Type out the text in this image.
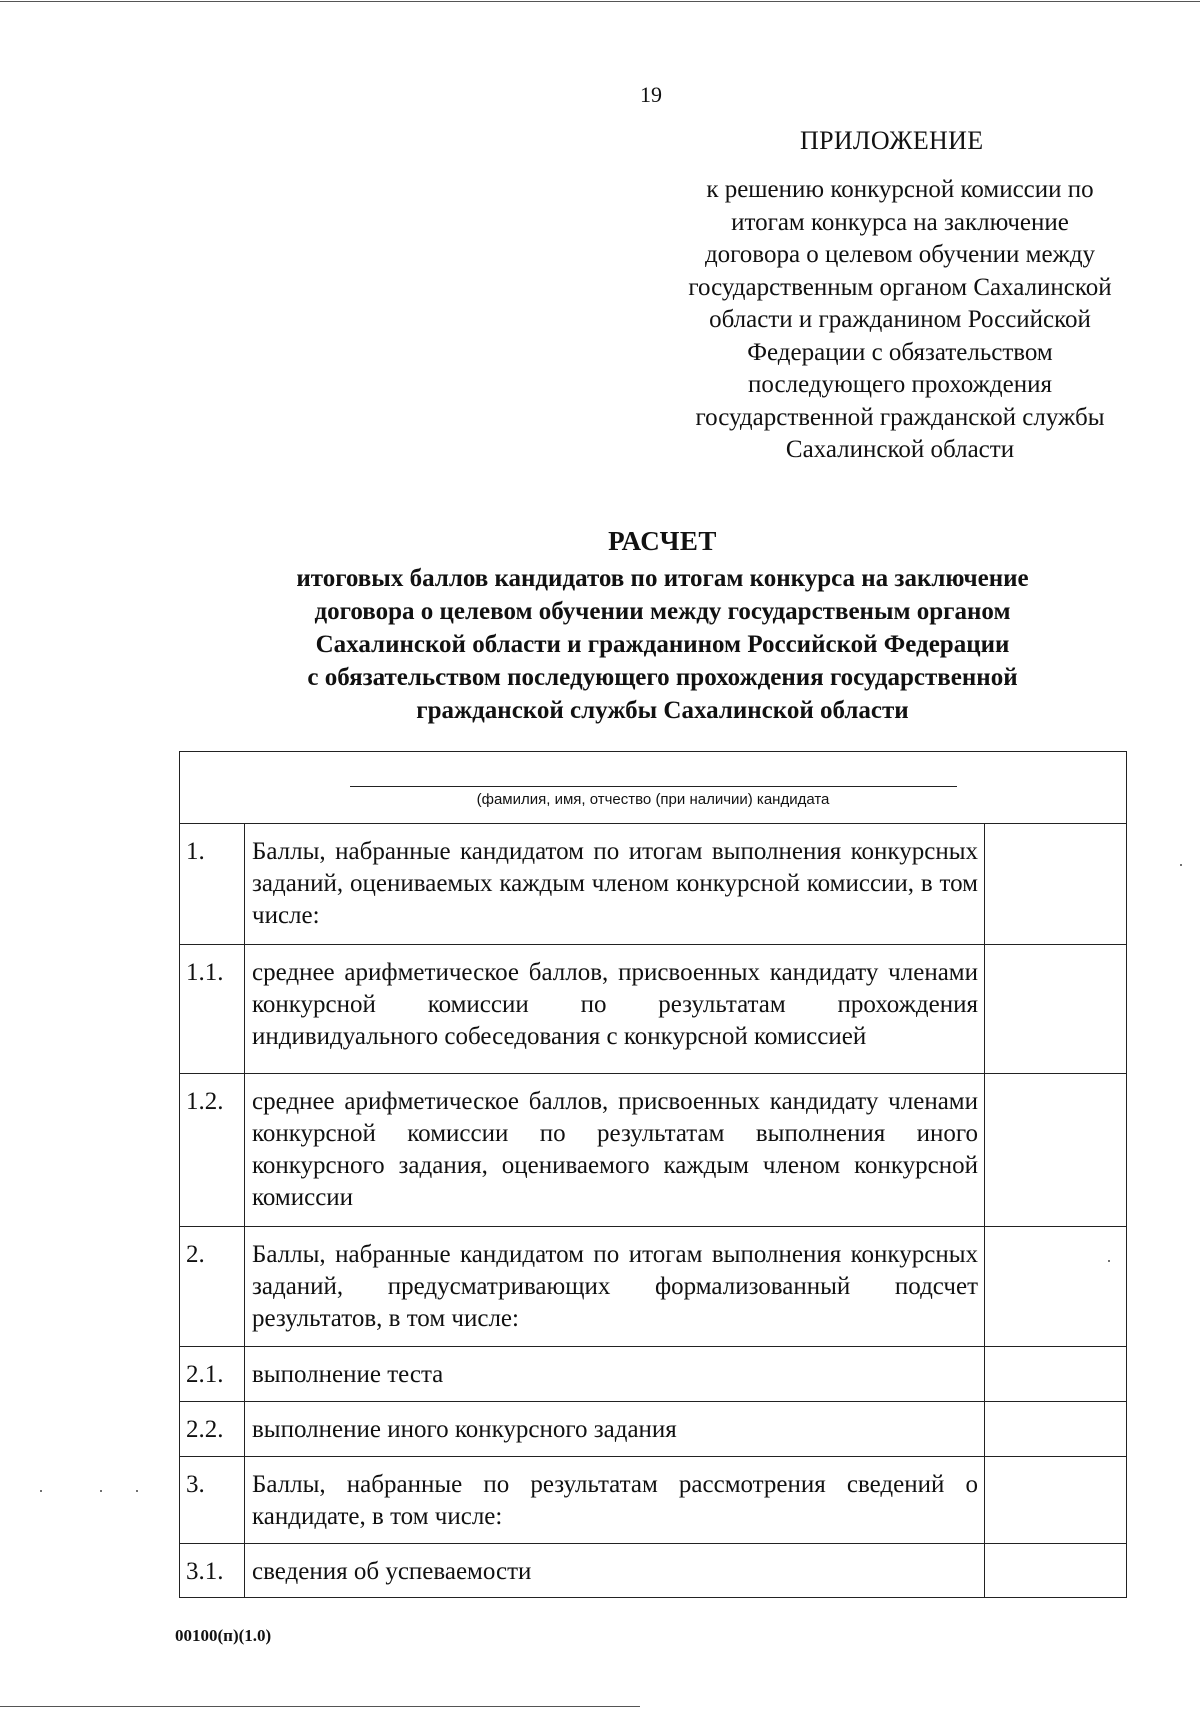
19
ПРИЛОЖЕНИЕ
к решению конкурсной комиссии по
итогам конкурса на заключение
договора о целевом обучении между
государственным органом Сахалинской
области и гражданином Российской
Федерации с обязательством
последующего прохождения
государственной гражданской службы
Сахалинской области
РАСЧЕТ
итоговых баллов кандидатов по итогам конкурса на заключение
договора о целевом обучении между государственым органом
Сахалинской области и гражданином Российской Федерации
с обязательством последующего прохождения государственной
гражданской службы Сахалинской области
(фамилия, имя, отчество (при наличии) кандидата		

1.	Баллы, набранные кандидатом по итогам выполнения конкурсных заданий, оцениваемых каждым членом конкурсной комиссии, в том числе:	
1.1.	среднее арифметическое баллов, присвоенных кандидату членами конкурсной комиссии по результатам прохождения индивидуального собеседования с конкурсной комиссией	
1.2.	среднее арифметическое баллов, присвоенных кандидату членами конкурсной комиссии по результатам выполнения иного конкурсного задания, оцениваемого каждым членом конкурсной комиссии	
2.	Баллы, набранные кандидатом по итогам выполнения конкурсных заданий, предусматривающих формализованный подсчет результатов, в том числе:	
2.1.	выполнение теста	
2.2.	выполнение иного конкурсного задания	
3.	Баллы, набранные по результатам рассмотрения сведений о кандидате, в том числе:	
3.1.	сведения об успеваемости	
00100(п)(1.0)
